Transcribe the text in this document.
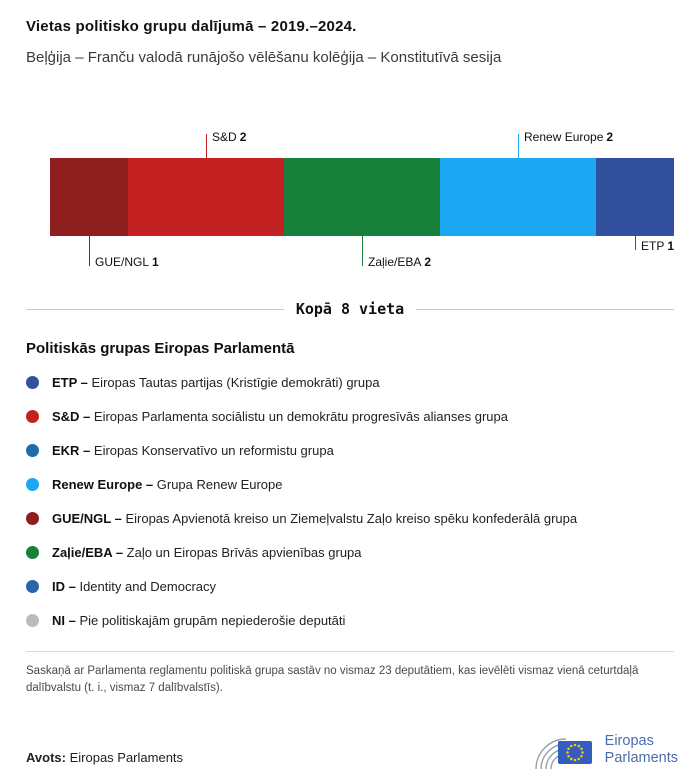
Vietas politisko grupu dalījumā – 2019.–2024.
Beļģija – Franču valodā runājošo vēlēšanu kolēģija – Konstitutīvā sesija
GUE/NGL 1
S&D 2
Zaļie/EBA 2
Renew Europe 2
ETP 1
Kopā 8 vieta
Politiskās grupas Eiropas Parlamentā
ETP – Eiropas Tautas partijas (Kristīgie demokrāti) grupa
S&D – Eiropas Parlamenta sociālistu un demokrātu progresīvās alianses grupa
EKR – Eiropas Konservatīvo un reformistu grupa
Renew Europe – Grupa Renew Europe
GUE/NGL – Eiropas Apvienotā kreiso un Ziemeļvalstu Zaļo kreiso spēku konfederālā grupa
Zaļie/EBA – Zaļo un Eiropas Brīvās apvienības grupa
ID – Identity and Democracy
NI – Pie politiskajām grupām nepiederošie deputāti
Saskaņā ar Parlamenta reglamentu politiskā grupa sastāv no vismaz 23 deputātiem, kas ievēlēti vismaz vienā ceturtdaļā dalībvalstu (t. i., vismaz 7 dalībvalstīs).
Avots: Eiropas Parlaments
Eiropas
Parlaments
